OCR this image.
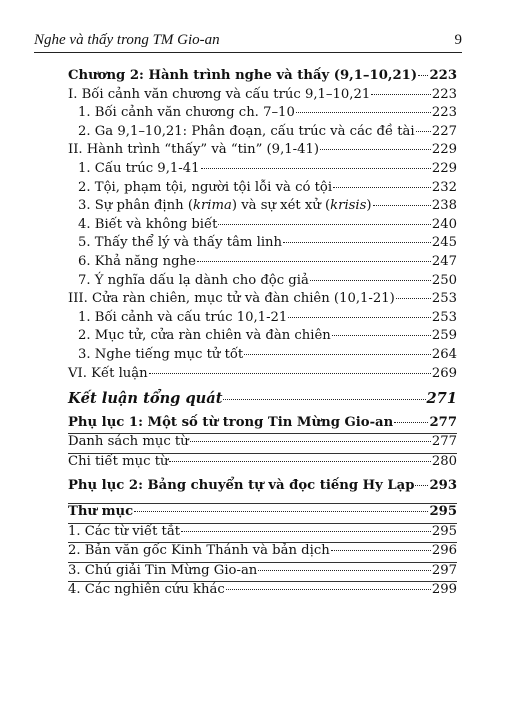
Nghe và thấy trong TM Gio-an	9
Chương 2: Hành trình nghe và thấy (9,1–10,21) 223
I. Bối cảnh văn chương và cấu trúc 9,1–10,21	223
1. Bối cảnh văn chương ch. 7–10	223
2. Ga 9,1–10,21: Phân đoạn, cấu trúc và các đề tài 227
II. Hành trình “thấy” và “tin” (9,1-41)	229
1. Cấu trúc 9,1-41	229
2. Tội, phạm tội, người tội lỗi và có tội	232
3. Sự phân định (krima) và sự xét xử (krisis)	238
4. Biết và không biết	240
5. Thấy thể lý và thấy tâm linh	245
6. Khả năng nghe	247
7. Ý nghĩa dấu lạ dành cho độc giả	250
III. Cửa ràn chiên, mục tử và đàn chiên (10,1-21)	253
1. Bối cảnh và cấu trúc 10,1-21	253
2. Mục tử, cửa ràn chiên và đàn chiên	259
3. Nghe tiếng mục tử tốt	264
VI. Kết luận	269
Kết luận tổng quát	271
Phụ lục 1: Một số từ trong Tin Mừng Gio-an	277
Danh sách mục từ	277
Chi tiết mục từ	280
Phụ lục 2: Bảng chuyển tự và đọc tiếng Hy Lạp 293
Thư mục	295
1. Các từ viết tắt	295
2. Bản văn gốc Kinh Thánh và bản dịch	296
3. Chú giải Tin Mừng Gio-an	297
4. Các nghiên cứu khác	299
